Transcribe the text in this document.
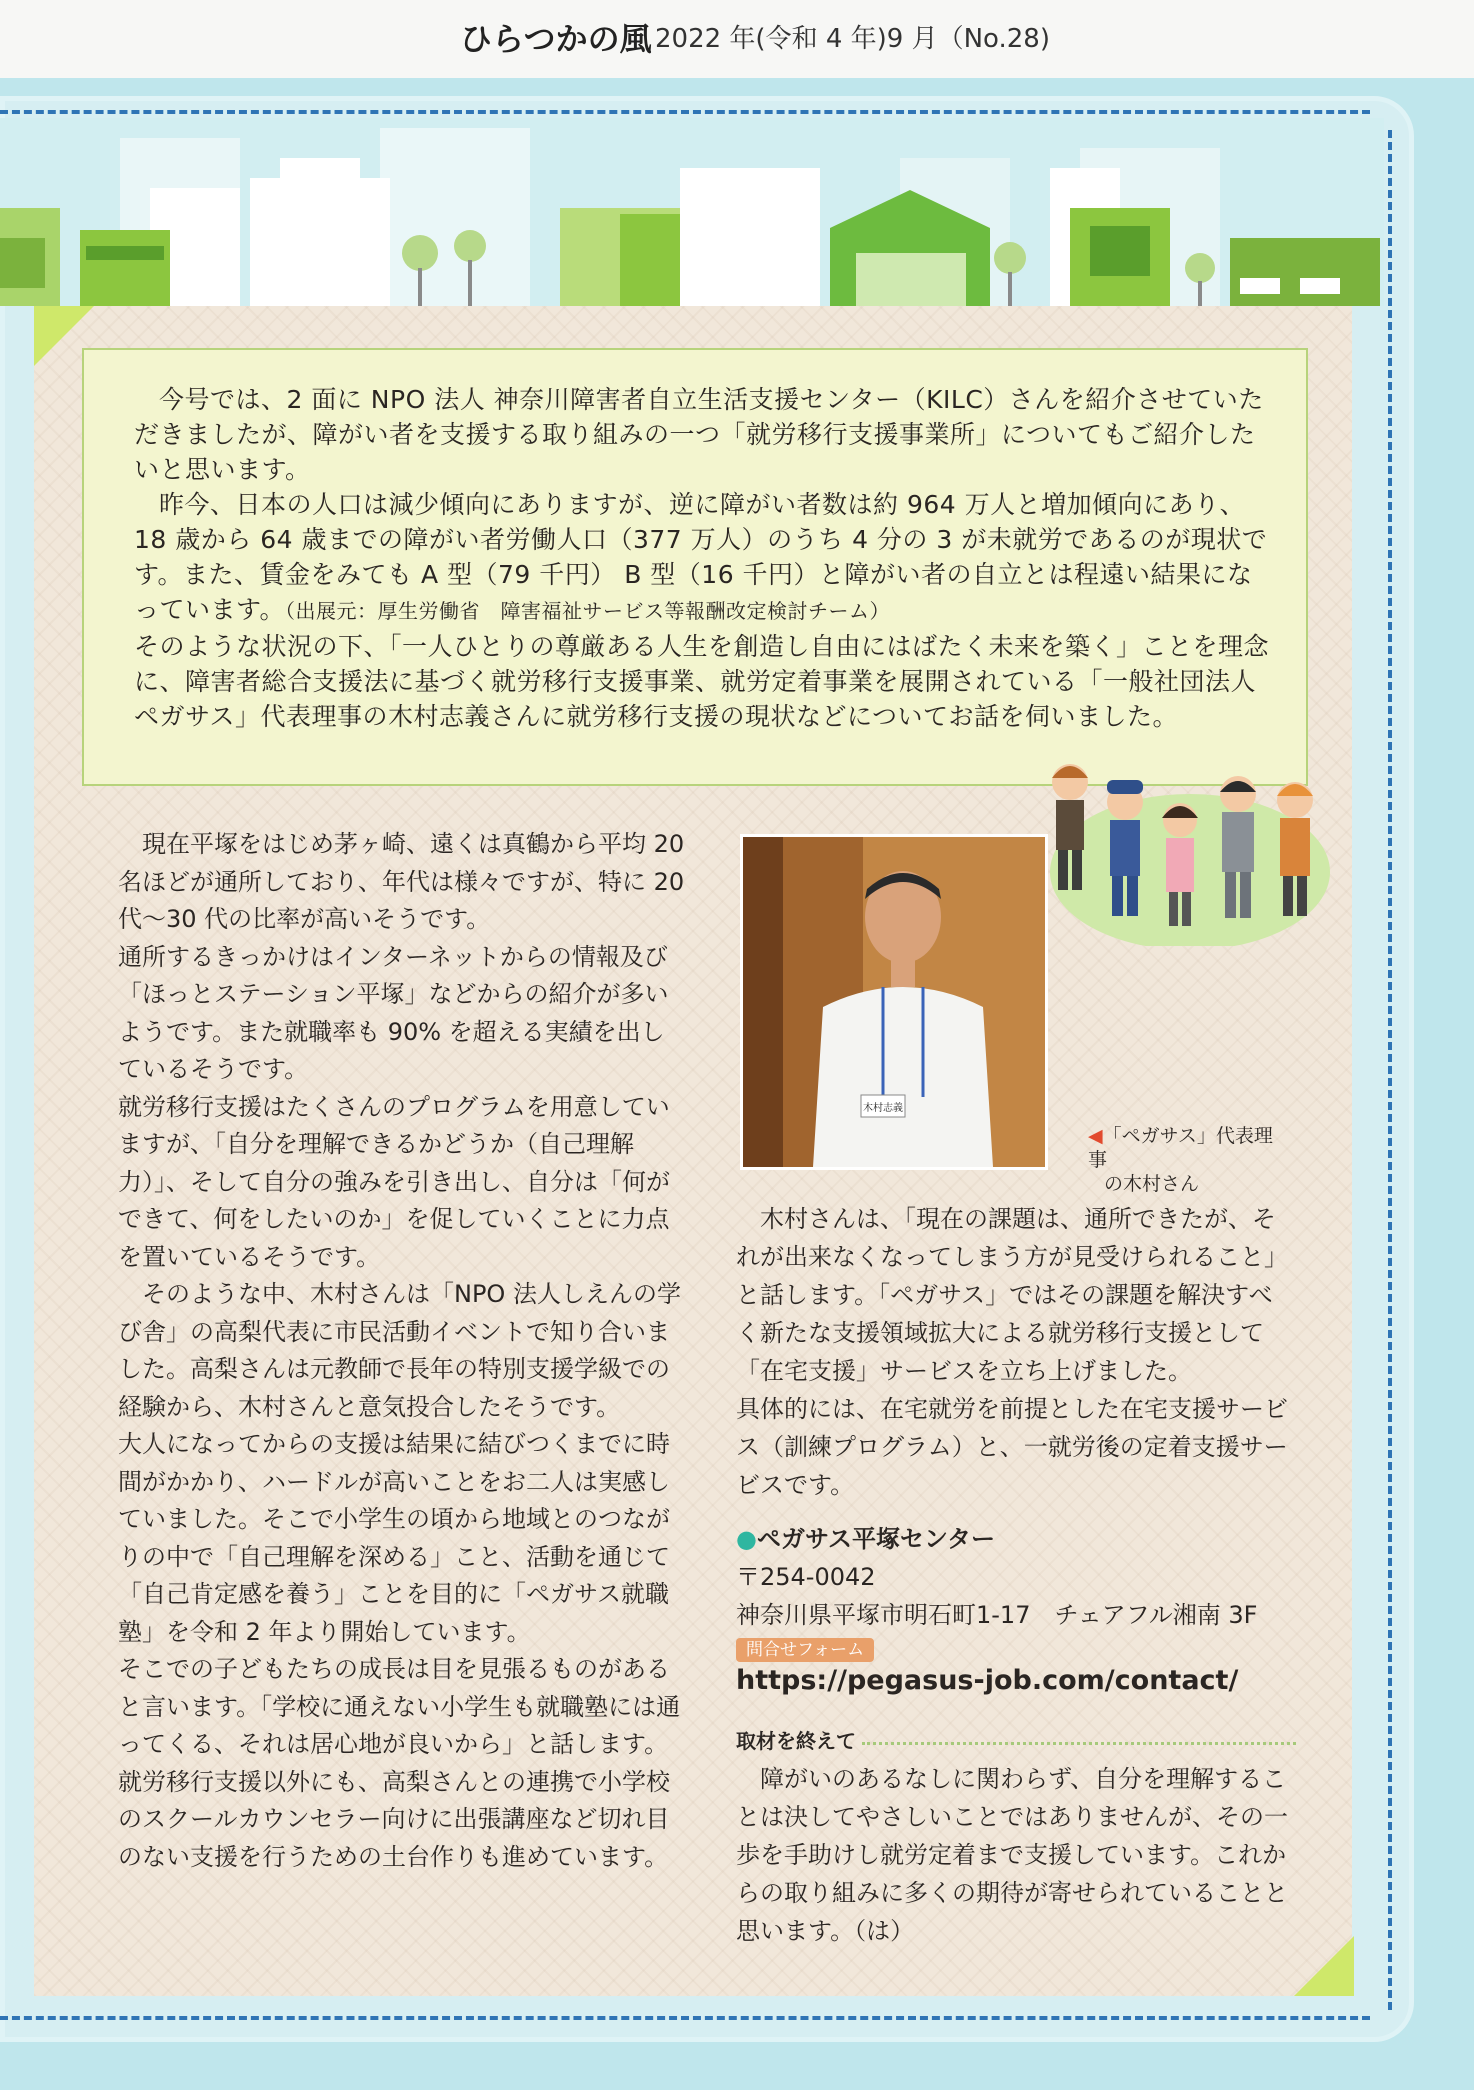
ひらつかの風 2022 年(令和 4 年)9 月（No.28)

今号では、2 面に NPO 法人 神奈川障害者自立生活支援センター（KILC）さんを紹介させていただきましたが、障がい者を支援する取り組みの一つ「就労移行支援事業所」についてもご紹介したいと思います。

昨今、日本の人口は減少傾向にありますが、逆に障がい者数は約 964 万人と増加傾向にあり、18 歳から 64 歳までの障がい者労働人口（377 万人）のうち 4 分の 3 が未就労であるのが現状です。また、賃金をみても A 型（79 千円） B 型（16 千円）と障がい者の自立とは程遠い結果になっています。（出展元：厚生労働省　障害福祉サービス等報酬改定検討チーム）

そのような状況の下、「一人ひとりの尊厳ある人生を創造し自由にはばたく未来を築く」ことを理念に、障害者総合支援法に基づく就労移行支援事業、就労定着事業を展開されている「一般社団法人ペガサス」代表理事の木村志義さんに就労移行支援の現状などについてお話を伺いました。

現在平塚をはじめ茅ヶ崎、遠くは真鶴から平均 20 名ほどが通所しており、年代は様々ですが、特に 20 代～30 代の比率が高いそうです。

通所するきっかけはインターネットからの情報及び「ほっとステーション平塚」などからの紹介が多いようです。また就職率も 90% を超える実績を出しているそうです。

就労移行支援はたくさんのプログラムを用意していますが、「自分を理解できるかどうか（自己理解力）」、そして自分の強みを引き出し、自分は「何ができて、何をしたいのか」を促していくことに力点を置いているそうです。

そのような中、木村さんは「NPO 法人しえんの学び舎」の高梨代表に市民活動イベントで知り合いました。高梨さんは元教師で長年の特別支援学級での経験から、木村さんと意気投合したそうです。

大人になってからの支援は結果に結びつくまでに時間がかかり、ハードルが高いことをお二人は実感していました。そこで小学生の頃から地域とのつながりの中で「自己理解を深める」こと、活動を通じて「自己肯定感を養う」ことを目的に「ペガサス就職塾」を令和 2 年より開始しています。

そこでの子どもたちの成長は目を見張るものがあると言います。「学校に通えない小学生も就職塾には通ってくる、それは居心地が良いから」と話します。

就労移行支援以外にも、高梨さんとの連携で小学校のスクールカウンセラー向けに出張講座など切れ目のない支援を行うための土台作りも進めています。

木村志義
◀「ペガサス」代表理事
の木村さん

木村さんは、「現在の課題は、通所できたが、それが出来なくなってしまう方が見受けられること」と話します。「ペガサス」ではその課題を解決すべく新たな支援領域拡大による就労移行支援として「在宅支援」サービスを立ち上げました。

具体的には、在宅就労を前提とした在宅支援サービス（訓練プログラム）と、一就労後の定着支援サービスです。

●ペガサス平塚センター

〒254-0042

神奈川県平塚市明石町1-17　チェアフル湘南 3F

問合せフォーム

https://pegasus-job.com/contact/

取材を終えて

障がいのあるなしに関わらず、自分を理解することは決してやさしいことではありませんが、その一歩を手助けし就労定着まで支援しています。これからの取り組みに多くの期待が寄せられていることと思います。（は）
